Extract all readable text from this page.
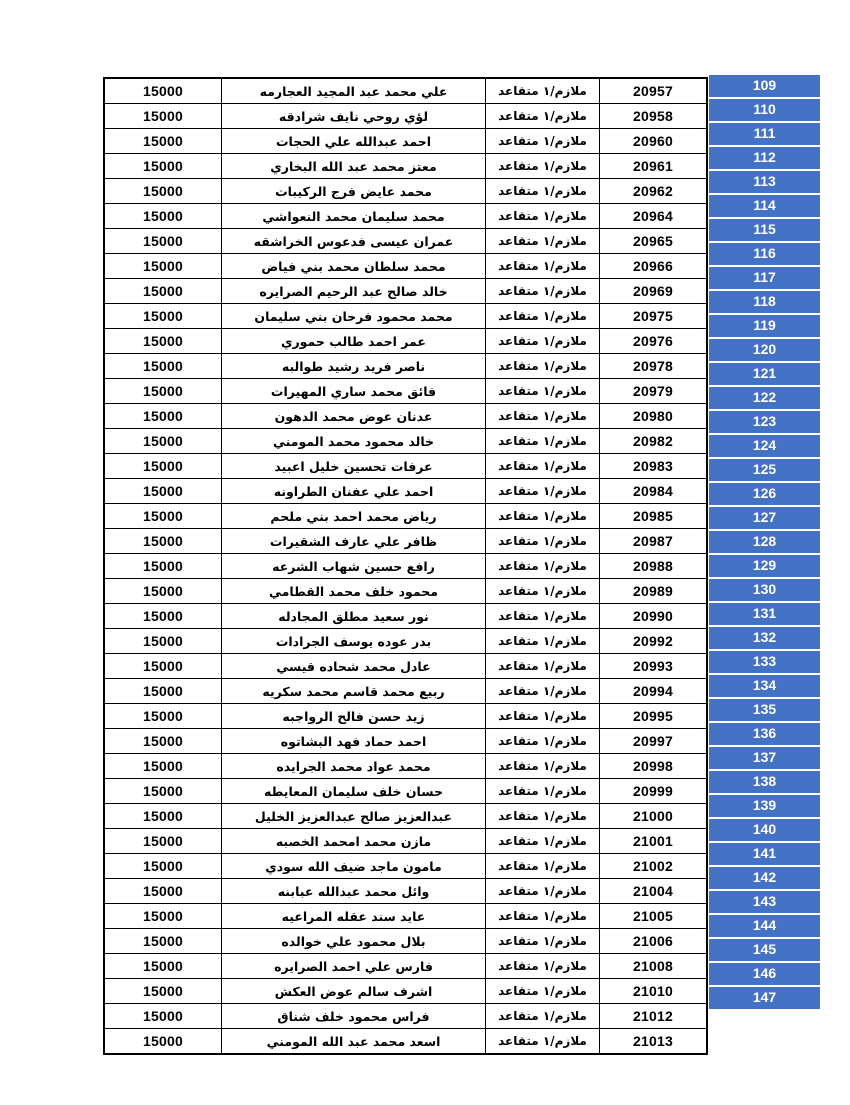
15000	علي محمد عبد المجيد العجارمه	ملازم/١ متقاعد	20957
15000	لؤي روحي نايف شرادقه	ملازم/١ متقاعد	20958
15000	احمد عبدالله علي الحجات	ملازم/١ متقاعد	20960
15000	معتز محمد عبد الله البخاري	ملازم/١ متقاعد	20961
15000	محمد عايض فرج الركيبات	ملازم/١ متقاعد	20962
15000	محمد سليمان محمد النعواشي	ملازم/١ متقاعد	20964
15000	عمران عيسى فدعوس الخراشقه	ملازم/١ متقاعد	20965
15000	محمد سلطان محمد بني فياض	ملازم/١ متقاعد	20966
15000	خالد صالح عبد الرحيم الصرايره	ملازم/١ متقاعد	20969
15000	محمد محمود فرحان بني سليمان	ملازم/١ متقاعد	20975
15000	عمر احمد طالب حموري	ملازم/١ متقاعد	20976
15000	ناصر فريد رشيد طوالبه	ملازم/١ متقاعد	20978
15000	فائق محمد ساري المهيرات	ملازم/١ متقاعد	20979
15000	عدنان عوض محمد الدهون	ملازم/١ متقاعد	20980
15000	خالد محمود محمد المومني	ملازم/١ متقاعد	20982
15000	عرفات تحسين خليل اعبيد	ملازم/١ متقاعد	20983
15000	احمد علي عفنان الطراونه	ملازم/١ متقاعد	20984
15000	رياض محمد احمد بني ملحم	ملازم/١ متقاعد	20985
15000	ظافر علي عارف الشقيرات	ملازم/١ متقاعد	20987
15000	رافع حسين شهاب الشرعه	ملازم/١ متقاعد	20988
15000	محمود خلف محمد القطامي	ملازم/١ متقاعد	20989
15000	نور سعيد مطلق المجادله	ملازم/١ متقاعد	20990
15000	بدر عوده يوسف الجرادات	ملازم/١ متقاعد	20992
15000	عادل محمد شحاده قيسي	ملازم/١ متقاعد	20993
15000	ربيع محمد قاسم محمد سكريه	ملازم/١ متقاعد	20994
15000	زيد حسن فالح الرواجبه	ملازم/١ متقاعد	20995
15000	احمد حماد فهد البشاتوه	ملازم/١ متقاعد	20997
15000	محمد عواد محمد الجرايده	ملازم/١ متقاعد	20998
15000	حسان خلف سليمان المعايطه	ملازم/١ متقاعد	20999
15000	عبدالعزيز صالح عبدالعزيز الخليل	ملازم/١ متقاعد	21000
15000	مازن محمد امحمد الخصبه	ملازم/١ متقاعد	21001
15000	مامون ماجد ضيف الله سودي	ملازم/١ متقاعد	21002
15000	وائل محمد عبدالله عبابنه	ملازم/١ متقاعد	21004
15000	عايد سند عقله المراعيه	ملازم/١ متقاعد	21005
15000	بلال محمود علي خوالده	ملازم/١ متقاعد	21006
15000	فارس علي احمد الصرايره	ملازم/١ متقاعد	21008
15000	اشرف سالم عوض العكش	ملازم/١ متقاعد	21010
15000	فراس محمود خلف شناق	ملازم/١ متقاعد	21012
15000	اسعد محمد عبد الله المومني	ملازم/١ متقاعد	21013
109
110
111
112
113
114
115
116
117
118
119
120
121
122
123
124
125
126
127
128
129
130
131
132
133
134
135
136
137
138
139
140
141
142
143
144
145
146
147
